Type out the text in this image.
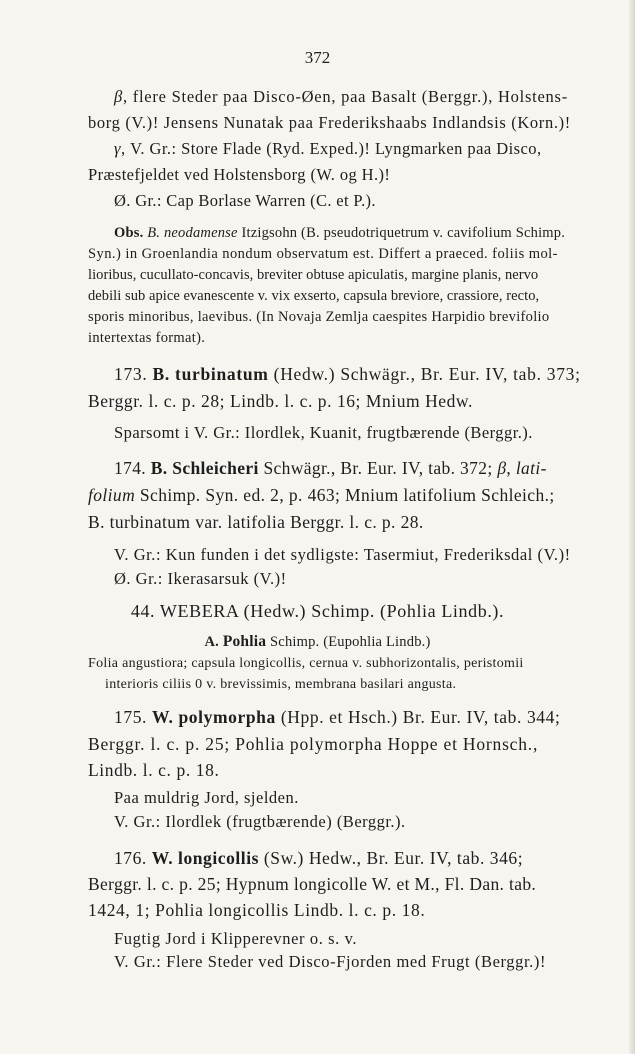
372
β, flere Steder paa Disco-Øen, paa Basalt (Berggr.), Holstens-
borg (V.)! Jensens Nunatak paa Frederikshaabs Indlandsis (Korn.)!
γ, V. Gr.: Store Flade (Ryd. Exped.)! Lyngmarken paa Disco,
Præstefjeldet ved Holstensborg (W. og H.)!
Ø. Gr.: Cap Borlase Warren (C. et P.).
Obs. B. neodamense Itzigsohn (B. pseudotriquetrum v. cavifolium Schimp.
Syn.) in Groenlandia nondum observatum est. Differt a praeced. foliis mol-
lioribus, cucullato-concavis, breviter obtuse apiculatis, margine planis, nervo
debili sub apice evanescente v. vix exserto, capsula breviore, crassiore, recto,
sporis minoribus, laevibus. (In Novaja Zemlja caespites Harpidio brevifolio
intertextas format).
173. B. turbinatum (Hedw.) Schwägr., Br. Eur. IV, tab. 373;
Berggr. l. c. p. 28; Lindb. l. c. p. 16; Mnium Hedw.
Sparsomt i V. Gr.: Ilordlek, Kuanit, frugtbærende (Berggr.).
174. B. Schleicheri Schwägr., Br. Eur. IV, tab. 372; β, lati-
folium Schimp. Syn. ed. 2, p. 463; Mnium latifolium Schleich.;
B. turbinatum var. latifolia Berggr. l. c. p. 28.
V. Gr.: Kun funden i det sydligste: Tasermiut, Frederiksdal (V.)!
Ø. Gr.: Ikerasarsuk (V.)!
44. WEBERA (Hedw.) Schimp. (Pohlia Lindb.).
A. Pohlia Schimp. (Eupohlia Lindb.)
Folia angustiora; capsula longicollis, cernua v. subhorizontalis, peristomii
interioris ciliis 0 v. brevissimis, membrana basilari angusta.
175. W. polymorpha (Hpp. et Hsch.) Br. Eur. IV, tab. 344;
Berggr. l. c. p. 25; Pohlia polymorpha Hoppe et Hornsch.,
Lindb. l. c. p. 18.
Paa muldrig Jord, sjelden.
V. Gr.: Ilordlek (frugtbærende) (Berggr.).
176. W. longicollis (Sw.) Hedw., Br. Eur. IV, tab. 346;
Berggr. l. c. p. 25; Hypnum longicolle W. et M., Fl. Dan. tab.
1424, 1; Pohlia longicollis Lindb. l. c. p. 18.
Fugtig Jord i Klipperevner o. s. v.
V. Gr.: Flere Steder ved Disco-Fjorden med Frugt (Berggr.)!
